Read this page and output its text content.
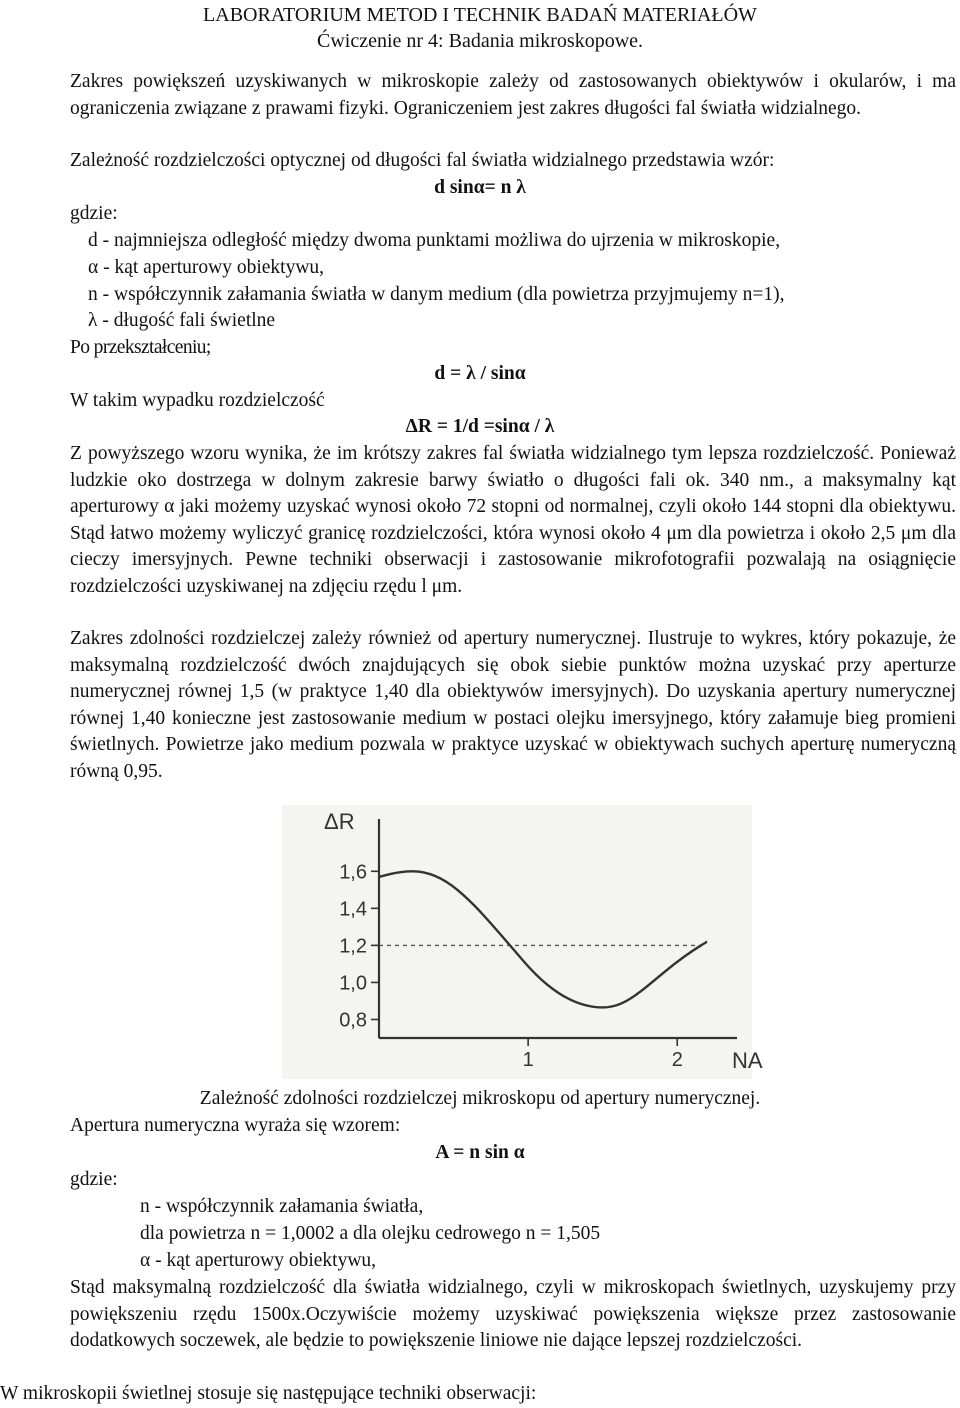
LABORATORIUM METOD I TECHNIK BADAŃ MATERIAŁÓW
Ćwiczenie nr 4: Badania mikroskopowe.

Zakres powiększeń uzyskiwanych w mikroskopie zależy od zastosowanych obiektywów i okularów, i ma ograniczenia związane z prawami fizyki. Ograniczeniem jest zakres długości fal światła widzialnego.

Zależność rozdzielczości optycznej od długości fal światła widzialnego przedstawia wzór:
d sinα= n λ
gdzie:
d - najmniejsza odległość między dwoma punktami możliwa do ujrzenia w mikroskopie,
α - kąt aperturowy obiektywu,
n - współczynnik załamania światła w danym medium (dla powietrza przyjmujemy n=1),
λ - długość fali świetlne
Po przekształceniu;
d = λ / sinα
W takim wypadku rozdzielczość
ΔR = 1/d =sinα / λ

Z powyższego wzoru wynika, że im krótszy zakres fal światła widzialnego tym lepsza rozdzielczość. Ponieważ ludzkie oko dostrzega w dolnym zakresie barwy światło o długości fali ok. 340 nm., a maksymalny kąt aperturowy α jaki możemy uzyskać wynosi około 72 stopni od normalnej, czyli około 144 stopni dla obiektywu. Stąd łatwo możemy wyliczyć granicę rozdzielczości, która wynosi około 4 μm dla powietrza i około 2,5 μm dla cieczy imersyjnych. Pewne techniki obserwacji i zastosowanie mikrofotografii pozwalają na osiągnięcie rozdzielczości uzyskiwanej na zdjęciu rzędu l μm.

Zakres zdolności rozdzielczej zależy również od apertury numerycznej. Ilustruje to wykres, który pokazuje, że maksymalną rozdzielczość dwóch znajdujących się obok siebie punktów można uzyskać przy aperturze numerycznej równej 1,5 (w praktyce 1,40 dla obiektywów imersyjnych). Do uzyskania apertury numerycznej równej 1,40 konieczne jest zastosowanie medium w postaci olejku imersyjnego, który załamuje bieg promieni świetlnych. Powietrze jako medium pozwala w praktyce uzyskać w obiektywach suchych aperturę numeryczną równą 0,95.

0,8
1,0
1,2
1,4
1,6
1	2
ΔR
NA
Zależność zdolności rozdzielczej mikroskopu od apertury numerycznej.
Apertura numeryczna wyraża się wzorem:
A = n sin α
gdzie:
n - współczynnik załamania światła,
dla powietrza n = 1,0002 a dla olejku cedrowego n = 1,505
α - kąt aperturowy obiektywu,

Stąd maksymalną rozdzielczość dla światła widzialnego, czyli w mikroskopach świetlnych, uzyskujemy przy powiększeniu rzędu 1500x.Oczywiście możemy uzyskiwać powiększenia większe przez zastosowanie dodatkowych soczewek, ale będzie to powiększenie liniowe nie dające lepszej rozdzielczości.

W mikroskopii świetlnej stosuje się następujące techniki obserwacji:
